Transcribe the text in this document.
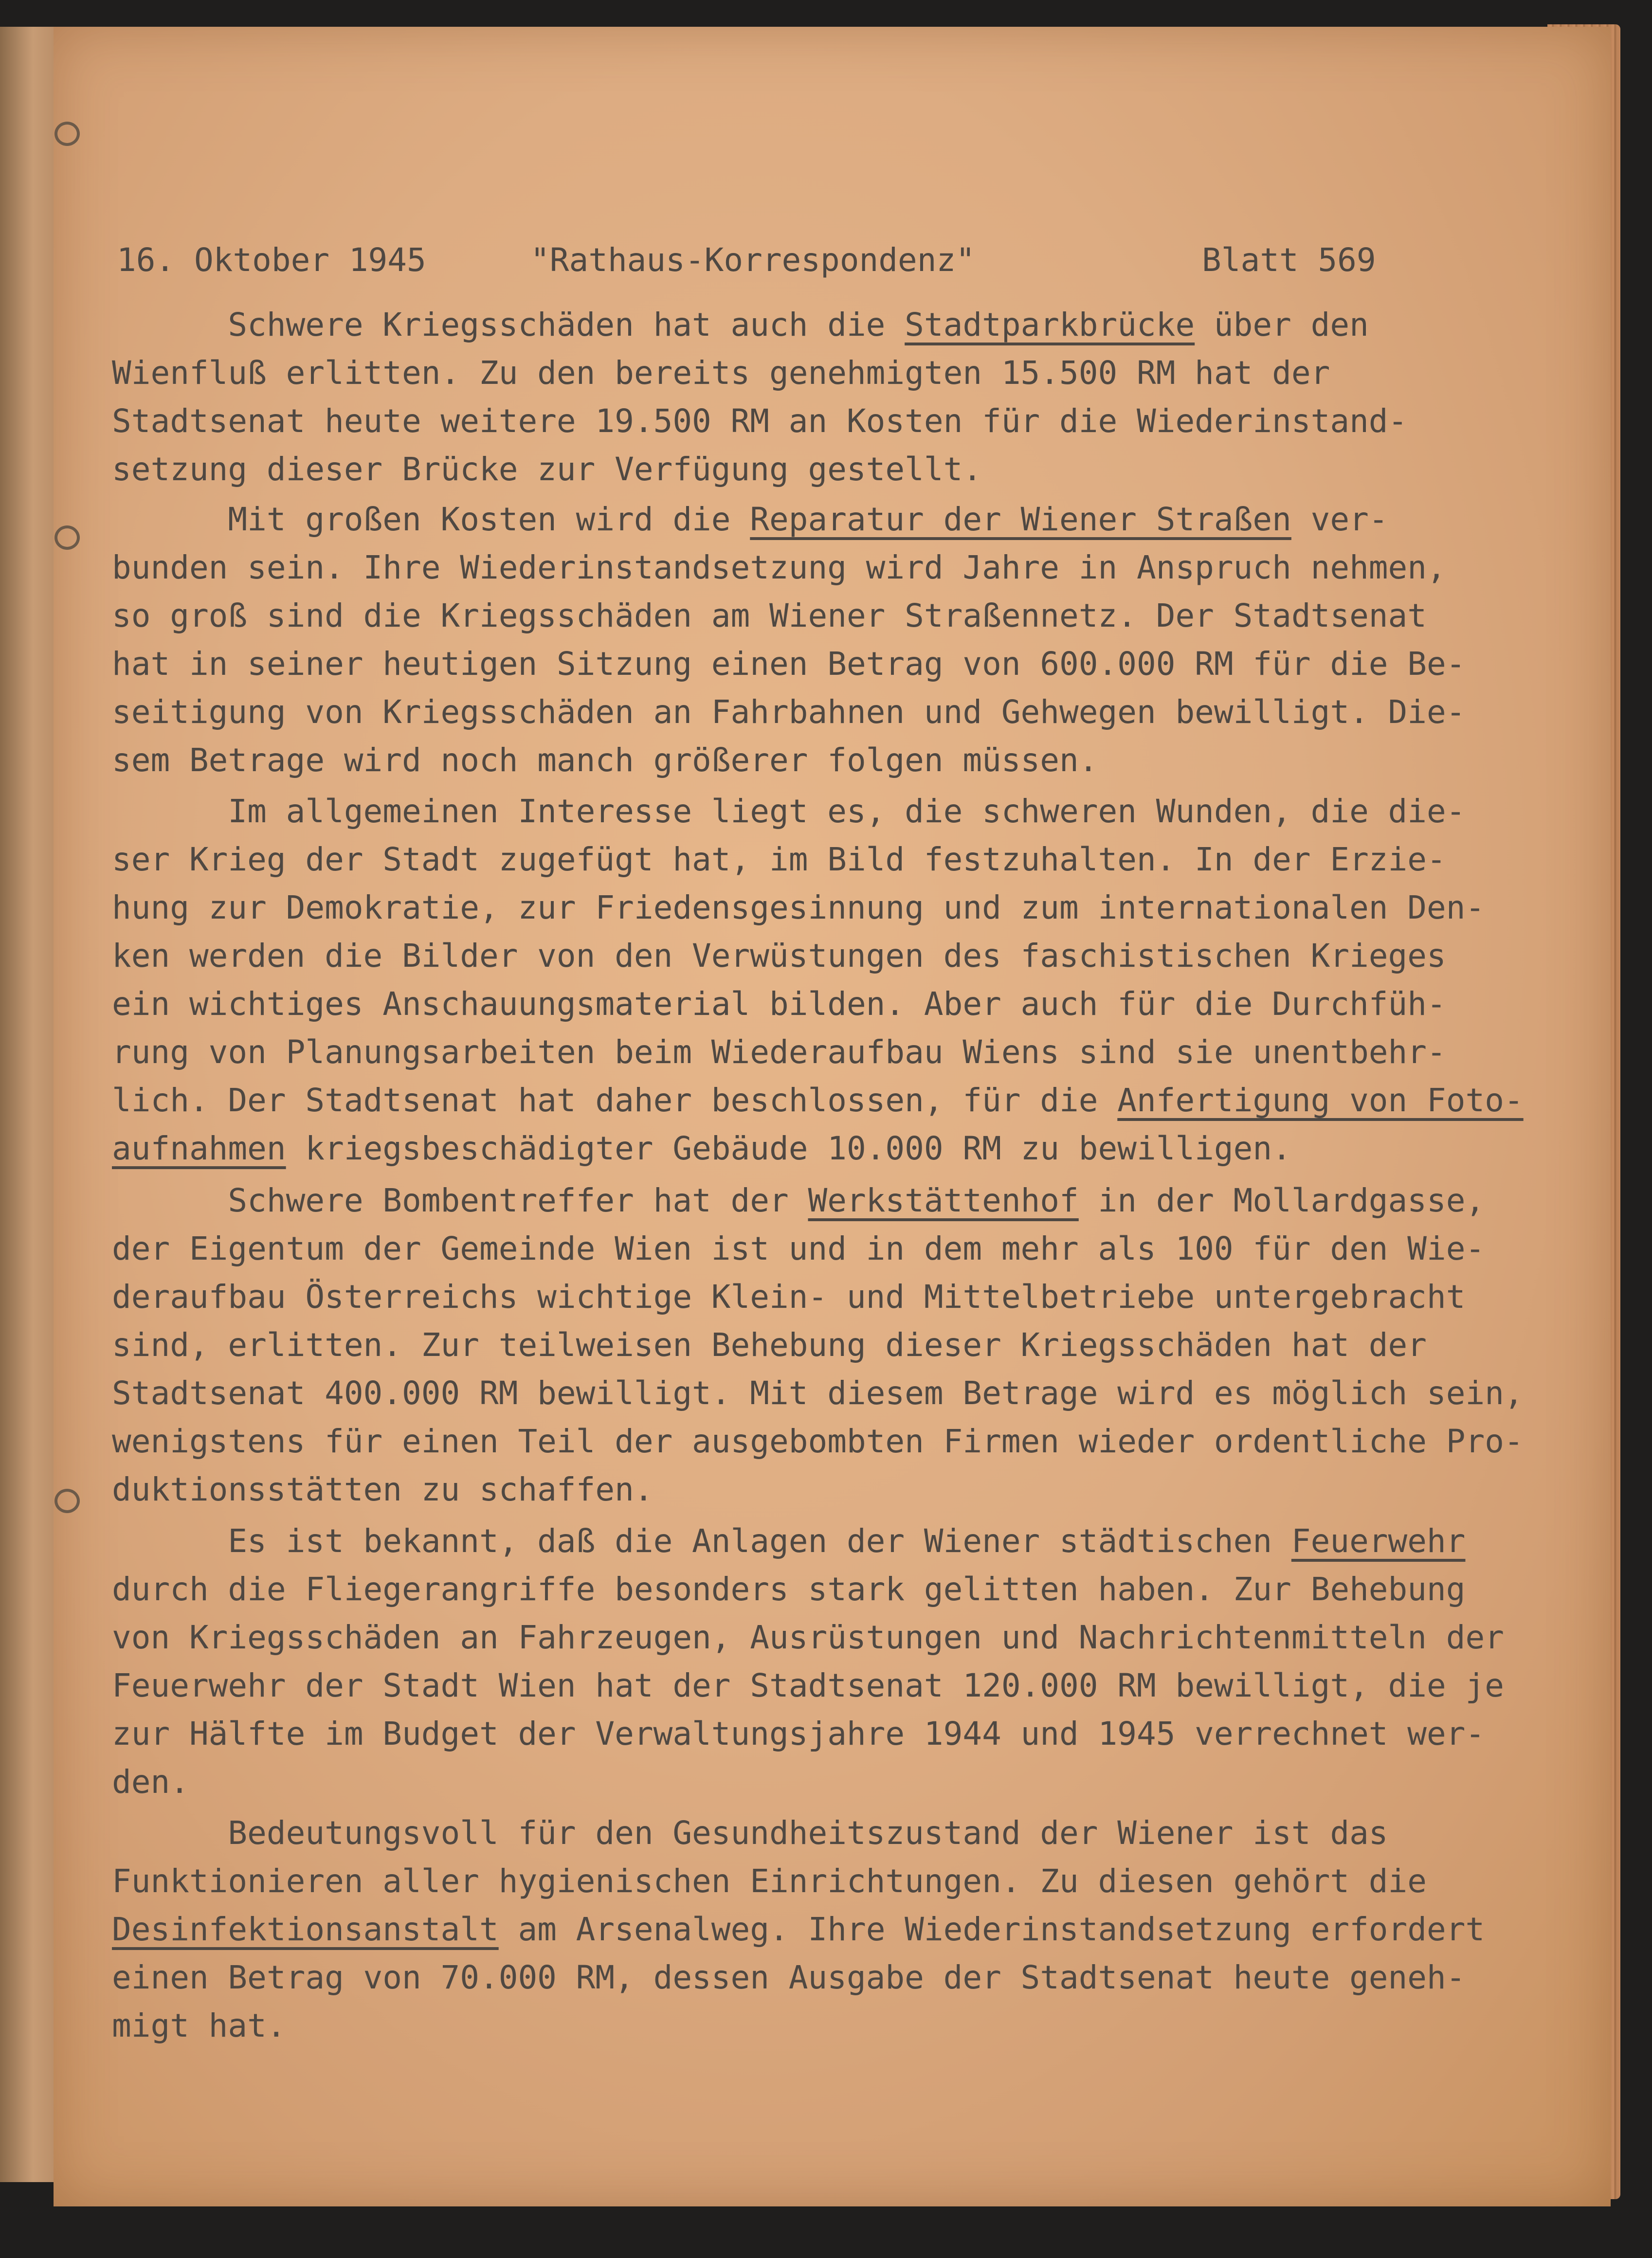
16. Oktober 1945

	"Rathaus-Korrespondenz"

	Blatt 569

Schwere Kriegsschäden hat auch die Stadtparkbrücke über den
Wienfluß erlitten. Zu den bereits genehmigten 15.500 RM hat der
Stadtsenat heute weitere 19.500 RM an Kosten für die Wiederinstand-
setzung dieser Brücke zur Verfügung gestellt.
Mit großen Kosten wird die Reparatur der Wiener Straßen ver-
bunden sein. Ihre Wiederinstandsetzung wird Jahre in Anspruch nehmen,
so groß sind die Kriegsschäden am Wiener Straßennetz. Der Stadtsenat
hat in seiner heutigen Sitzung einen Betrag von 600.000 RM für die Be-
seitigung von Kriegsschäden an Fahrbahnen und Gehwegen bewilligt. Die-
sem Betrage wird noch manch größerer folgen müssen.
Im allgemeinen Interesse liegt es, die schweren Wunden, die die-
ser Krieg der Stadt zugefügt hat, im Bild festzuhalten. In der Erzie-
hung zur Demokratie, zur Friedensgesinnung und zum internationalen Den-
ken werden die Bilder von den Verwüstungen des faschistischen Krieges
ein wichtiges Anschauungsmaterial bilden. Aber auch für die Durchfüh-
rung von Planungsarbeiten beim Wiederaufbau Wiens sind sie unentbehr-
lich. Der Stadtsenat hat daher beschlossen, für die Anfertigung von Foto-
aufnahmen kriegsbeschädigter Gebäude 10.000 RM zu bewilligen.
Schwere Bombentreffer hat der Werkstättenhof in der Mollardgasse,
der Eigentum der Gemeinde Wien ist und in dem mehr als 100 für den Wie-
deraufbau Österreichs wichtige Klein- und Mittelbetriebe untergebracht
sind, erlitten. Zur teilweisen Behebung dieser Kriegsschäden hat der
Stadtsenat 400.000 RM bewilligt. Mit diesem Betrage wird es möglich sein,
wenigstens für einen Teil der ausgebombten Firmen wieder ordentliche Pro-
duktionsstätten zu schaffen.
Es ist bekannt, daß die Anlagen der Wiener städtischen Feuerwehr
durch die Fliegerangriffe besonders stark gelitten haben. Zur Behebung
von Kriegsschäden an Fahrzeugen, Ausrüstungen und Nachrichtenmitteln der
Feuerwehr der Stadt Wien hat der Stadtsenat 120.000 RM bewilligt, die je
zur Hälfte im Budget der Verwaltungsjahre 1944 und 1945 verrechnet wer-
den.
Bedeutungsvoll für den Gesundheitszustand der Wiener ist das
Funktionieren aller hygienischen Einrichtungen. Zu diesen gehört die
Desinfektionsanstalt am Arsenalweg. Ihre Wiederinstandsetzung erfordert
einen Betrag von 70.000 RM, dessen Ausgabe der Stadtsenat heute geneh-
migt hat.
